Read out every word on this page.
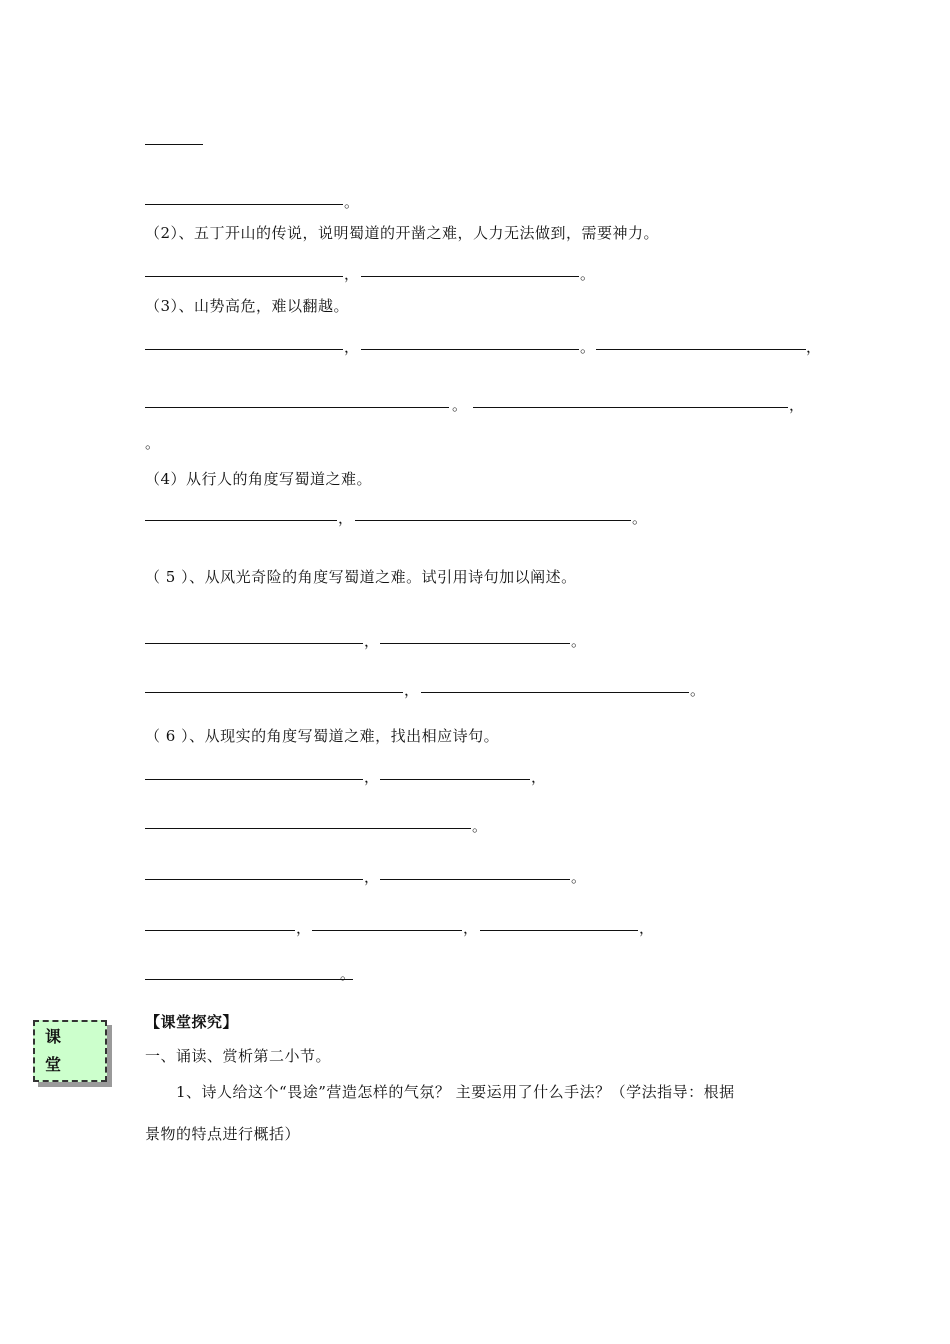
。
（2）、五丁开山的传说，说明蜀道的开凿之难，人力无法做到，需要神力。
，	。
（3）、山势高危，难以翻越。
，	。	，
。	，
。
（4）从行人的角度写蜀道之难。
，	。
（ 5 ）、从风光奇险的角度写蜀道之难。试引用诗句加以阐述。
，	。
，	。
（ 6 ）、从现实的角度写蜀道之难，找出相应诗句。
，	，
。
，	。
，	，	，
。
课
堂
【课堂探究】
一、诵读、赏析第二小节。
1、诗人给这个“畏途”营造怎样的气氛？ 主要运用了什么手法？（学法指导：根据
景物的特点进行概括）
